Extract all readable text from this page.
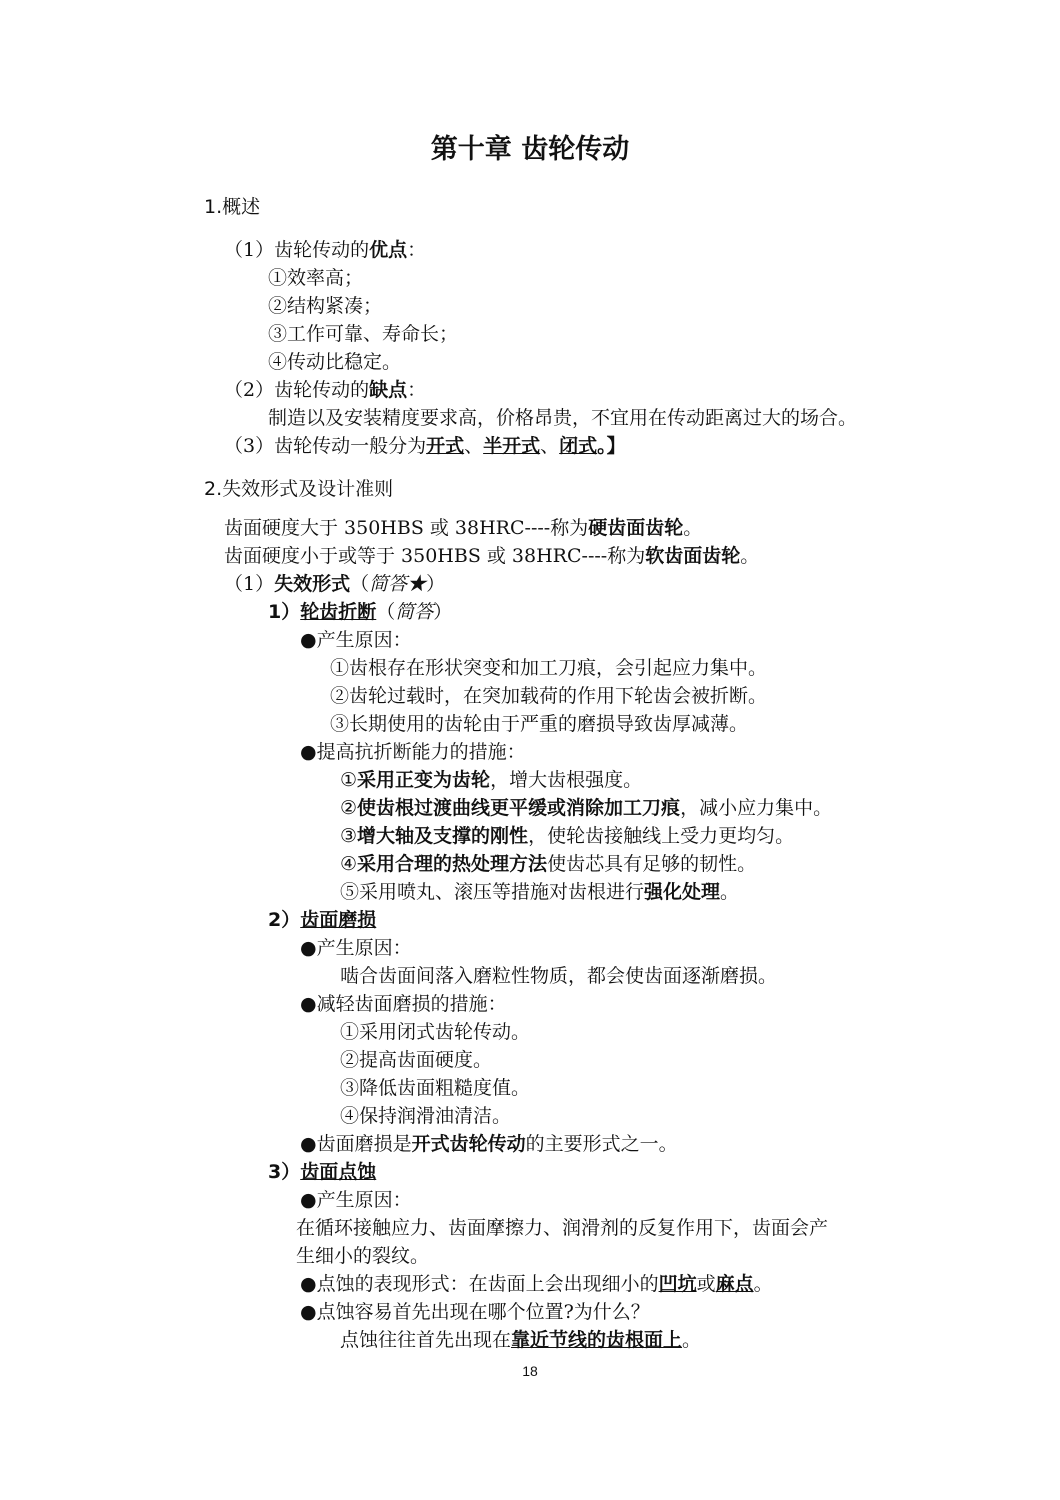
第十章 齿轮传动
1.概述
（1）齿轮传动的优点：
①效率高；
②结构紧凑；
③工作可靠、寿命长；
④传动比稳定。
（2）齿轮传动的缺点：
制造以及安装精度要求高，价格昂贵，不宜用在传动距离过大的场合。
（3）齿轮传动一般分为开式、半开式、闭式。】
2.失效形式及设计准则
齿面硬度大于 350HBS 或 38HRC----称为硬齿面齿轮。
齿面硬度小于或等于 350HBS 或 38HRC----称为软齿面齿轮。
（1）失效形式（简答★）
1）轮齿折断（简答）
●产生原因：
①齿根存在形状突变和加工刀痕，会引起应力集中。
②齿轮过载时，在突加载荷的作用下轮齿会被折断。
③长期使用的齿轮由于严重的磨损导致齿厚减薄。
●提高抗折断能力的措施：
①采用正变为齿轮，增大齿根强度。
②使齿根过渡曲线更平缓或消除加工刀痕，减小应力集中。
③增大轴及支撑的刚性，使轮齿接触线上受力更均匀。
④采用合理的热处理方法使齿芯具有足够的韧性。
⑤采用喷丸、滚压等措施对齿根进行强化处理。
2）齿面磨损
●产生原因：
啮合齿面间落入磨粒性物质，都会使齿面逐渐磨损。
●减轻齿面磨损的措施：
①采用闭式齿轮传动。
②提高齿面硬度。
③降低齿面粗糙度值。
④保持润滑油清洁。
●齿面磨损是开式齿轮传动的主要形式之一。
3）齿面点蚀
●产生原因：
在循环接触应力、齿面摩擦力、润滑剂的反复作用下，齿面会产
生细小的裂纹。
●点蚀的表现形式：在齿面上会出现细小的凹坑或麻点。
●点蚀容易首先出现在哪个位置?为什么？
点蚀往往首先出现在靠近节线的齿根面上。
18
